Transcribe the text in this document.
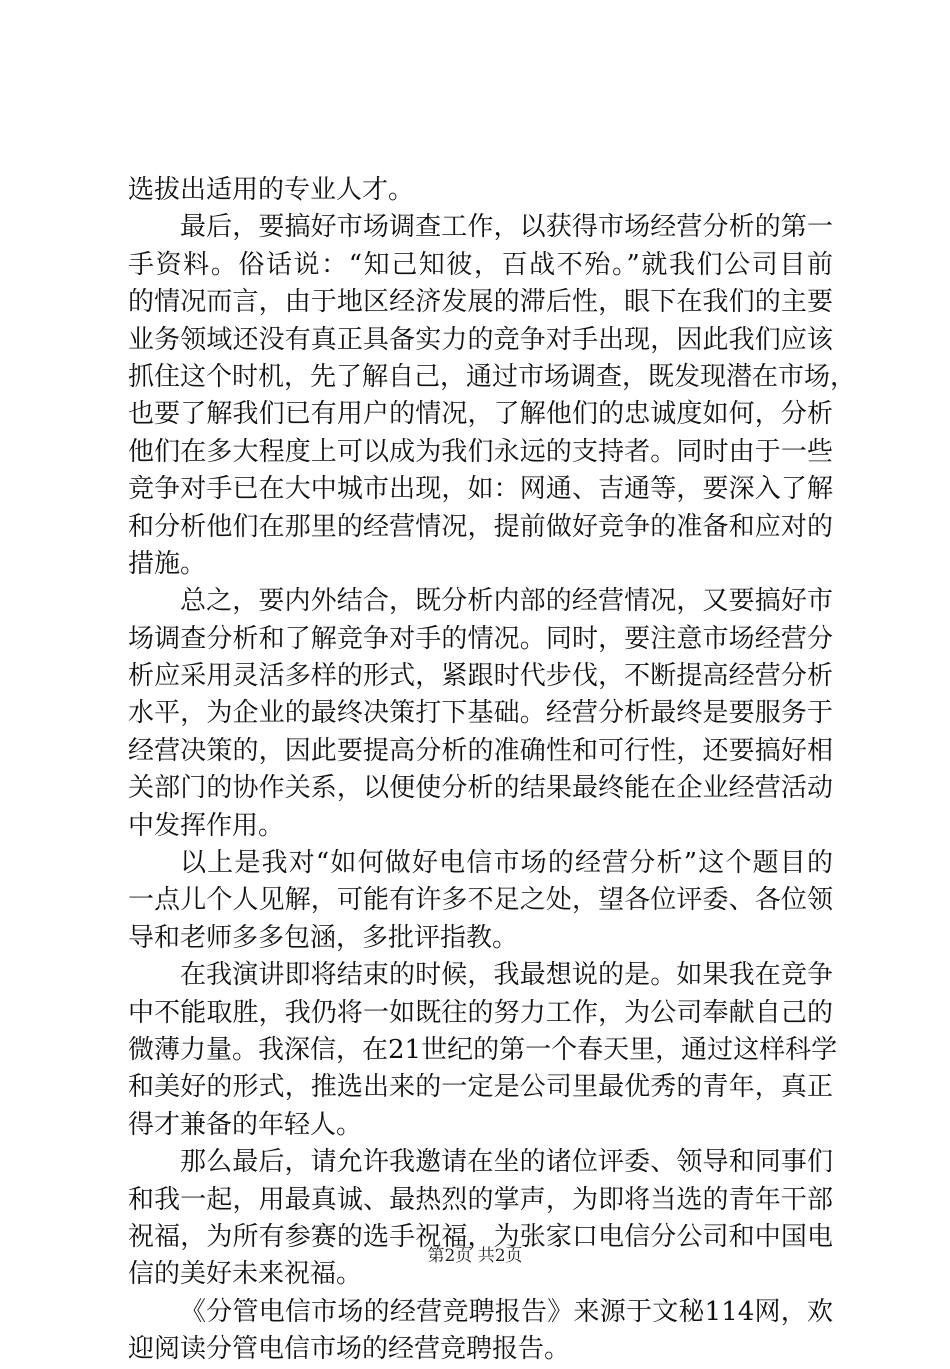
选拔出适用的专业人才。
最后，要搞好市场调查工作，以获得市场经营分析的第一
手资料。俗话说：“知己知彼，百战不殆。”就我们公司目前
的情况而言，由于地区经济发展的滞后性，眼下在我们的主要
业务领域还没有真正具备实力的竞争对手出现，因此我们应该
抓住这个时机，先了解自己，通过市场调查，既发现潜在市场，
也要了解我们已有用户的情况，了解他们的忠诚度如何，分析
他们在多大程度上可以成为我们永远的支持者。同时由于一些
竞争对手已在大中城市出现，如：网通、吉通等，要深入了解
和分析他们在那里的经营情况，提前做好竞争的准备和应对的
措施。
总之，要内外结合，既分析内部的经营情况，又要搞好市
场调查分析和了解竞争对手的情况。同时，要注意市场经营分
析应采用灵活多样的形式，紧跟时代步伐，不断提高经营分析
水平，为企业的最终决策打下基础。经营分析最终是要服务于
经营决策的，因此要提高分析的准确性和可行性，还要搞好相
关部门的协作关系，以便使分析的结果最终能在企业经营活动
中发挥作用。
以上是我对“如何做好电信市场的经营分析”这个题目的
一点儿个人见解，可能有许多不足之处，望各位评委、各位领
导和老师多多包涵，多批评指教。
在我演讲即将结束的时候，我最想说的是。如果我在竞争
中不能取胜，我仍将一如既往的努力工作，为公司奉献自己的
微薄力量。我深信，在21世纪的第一个春天里，通过这样科学
和美好的形式，推选出来的一定是公司里最优秀的青年，真正
得才兼备的年轻人。
那么最后，请允许我邀请在坐的诸位评委、领导和同事们
和我一起，用最真诚、最热烈的掌声，为即将当选的青年干部
祝福，为所有参赛的选手祝福，为张家口电信分公司和中国电
信的美好未来祝福。
《分管电信市场的经营竞聘报告》来源于文秘114网，欢
迎阅读分管电信市场的经营竞聘报告。
第2页 共2页
